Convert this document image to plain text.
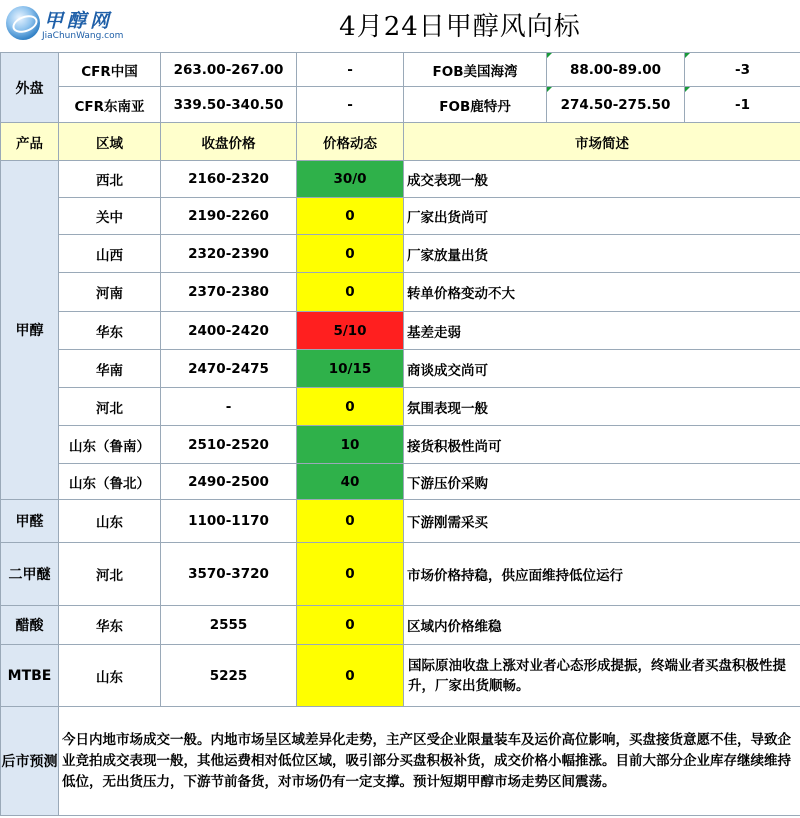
甲醇网
JiaChunWang.com	4月24日甲醇风向标
外盘	CFR中国	263.00-267.00	-	FOB美国海湾	88.00-89.00	-3
	CFR东南亚	339.50-340.50	-	FOB鹿特丹	274.50-275.50	-1
产品	区域	收盘价格	价格动态	市场简述		
甲醇	西北	2160-2320	30/0	成交表现一般		
	关中	2190-2260	0	厂家出货尚可		
	山西	2320-2390	0	厂家放量出货		
	河南	2370-2380	0	转单价格变动不大		
	华东	2400-2420	5/10	基差走弱		
	华南	2470-2475	10/15	商谈成交尚可		
	河北	-	0	氛围表现一般		
	山东（鲁南）	2510-2520	10	接货积极性尚可		
	山东（鲁北）	2490-2500	40	下游压价采购		
甲醛	山东	1100-1170	0	下游刚需采买		
二甲醚	河北	3570-3720	0	市场价格持稳，供应面维持低位运行		
醋酸	华东	2555	0	区域内价格维稳		
MTBE	山东	5225	0	国际原油收盘上涨对业者心态形成提振，终端业者买盘积极性提升，厂家出货顺畅。		
后市预测	今日内地市场成交一般。内地市场呈区域差异化走势，主产区受企业限量装车及运价高位影响，买盘接货意愿不佳，导致企业竞拍成交表现一般，其他运费相对低位区域，吸引部分买盘积极补货，成交价格小幅推涨。目前大部分企业库存继续维持低位，无出货压力，下游节前备货，对市场仍有一定支撑。预计短期甲醇市场走势区间震荡。					
